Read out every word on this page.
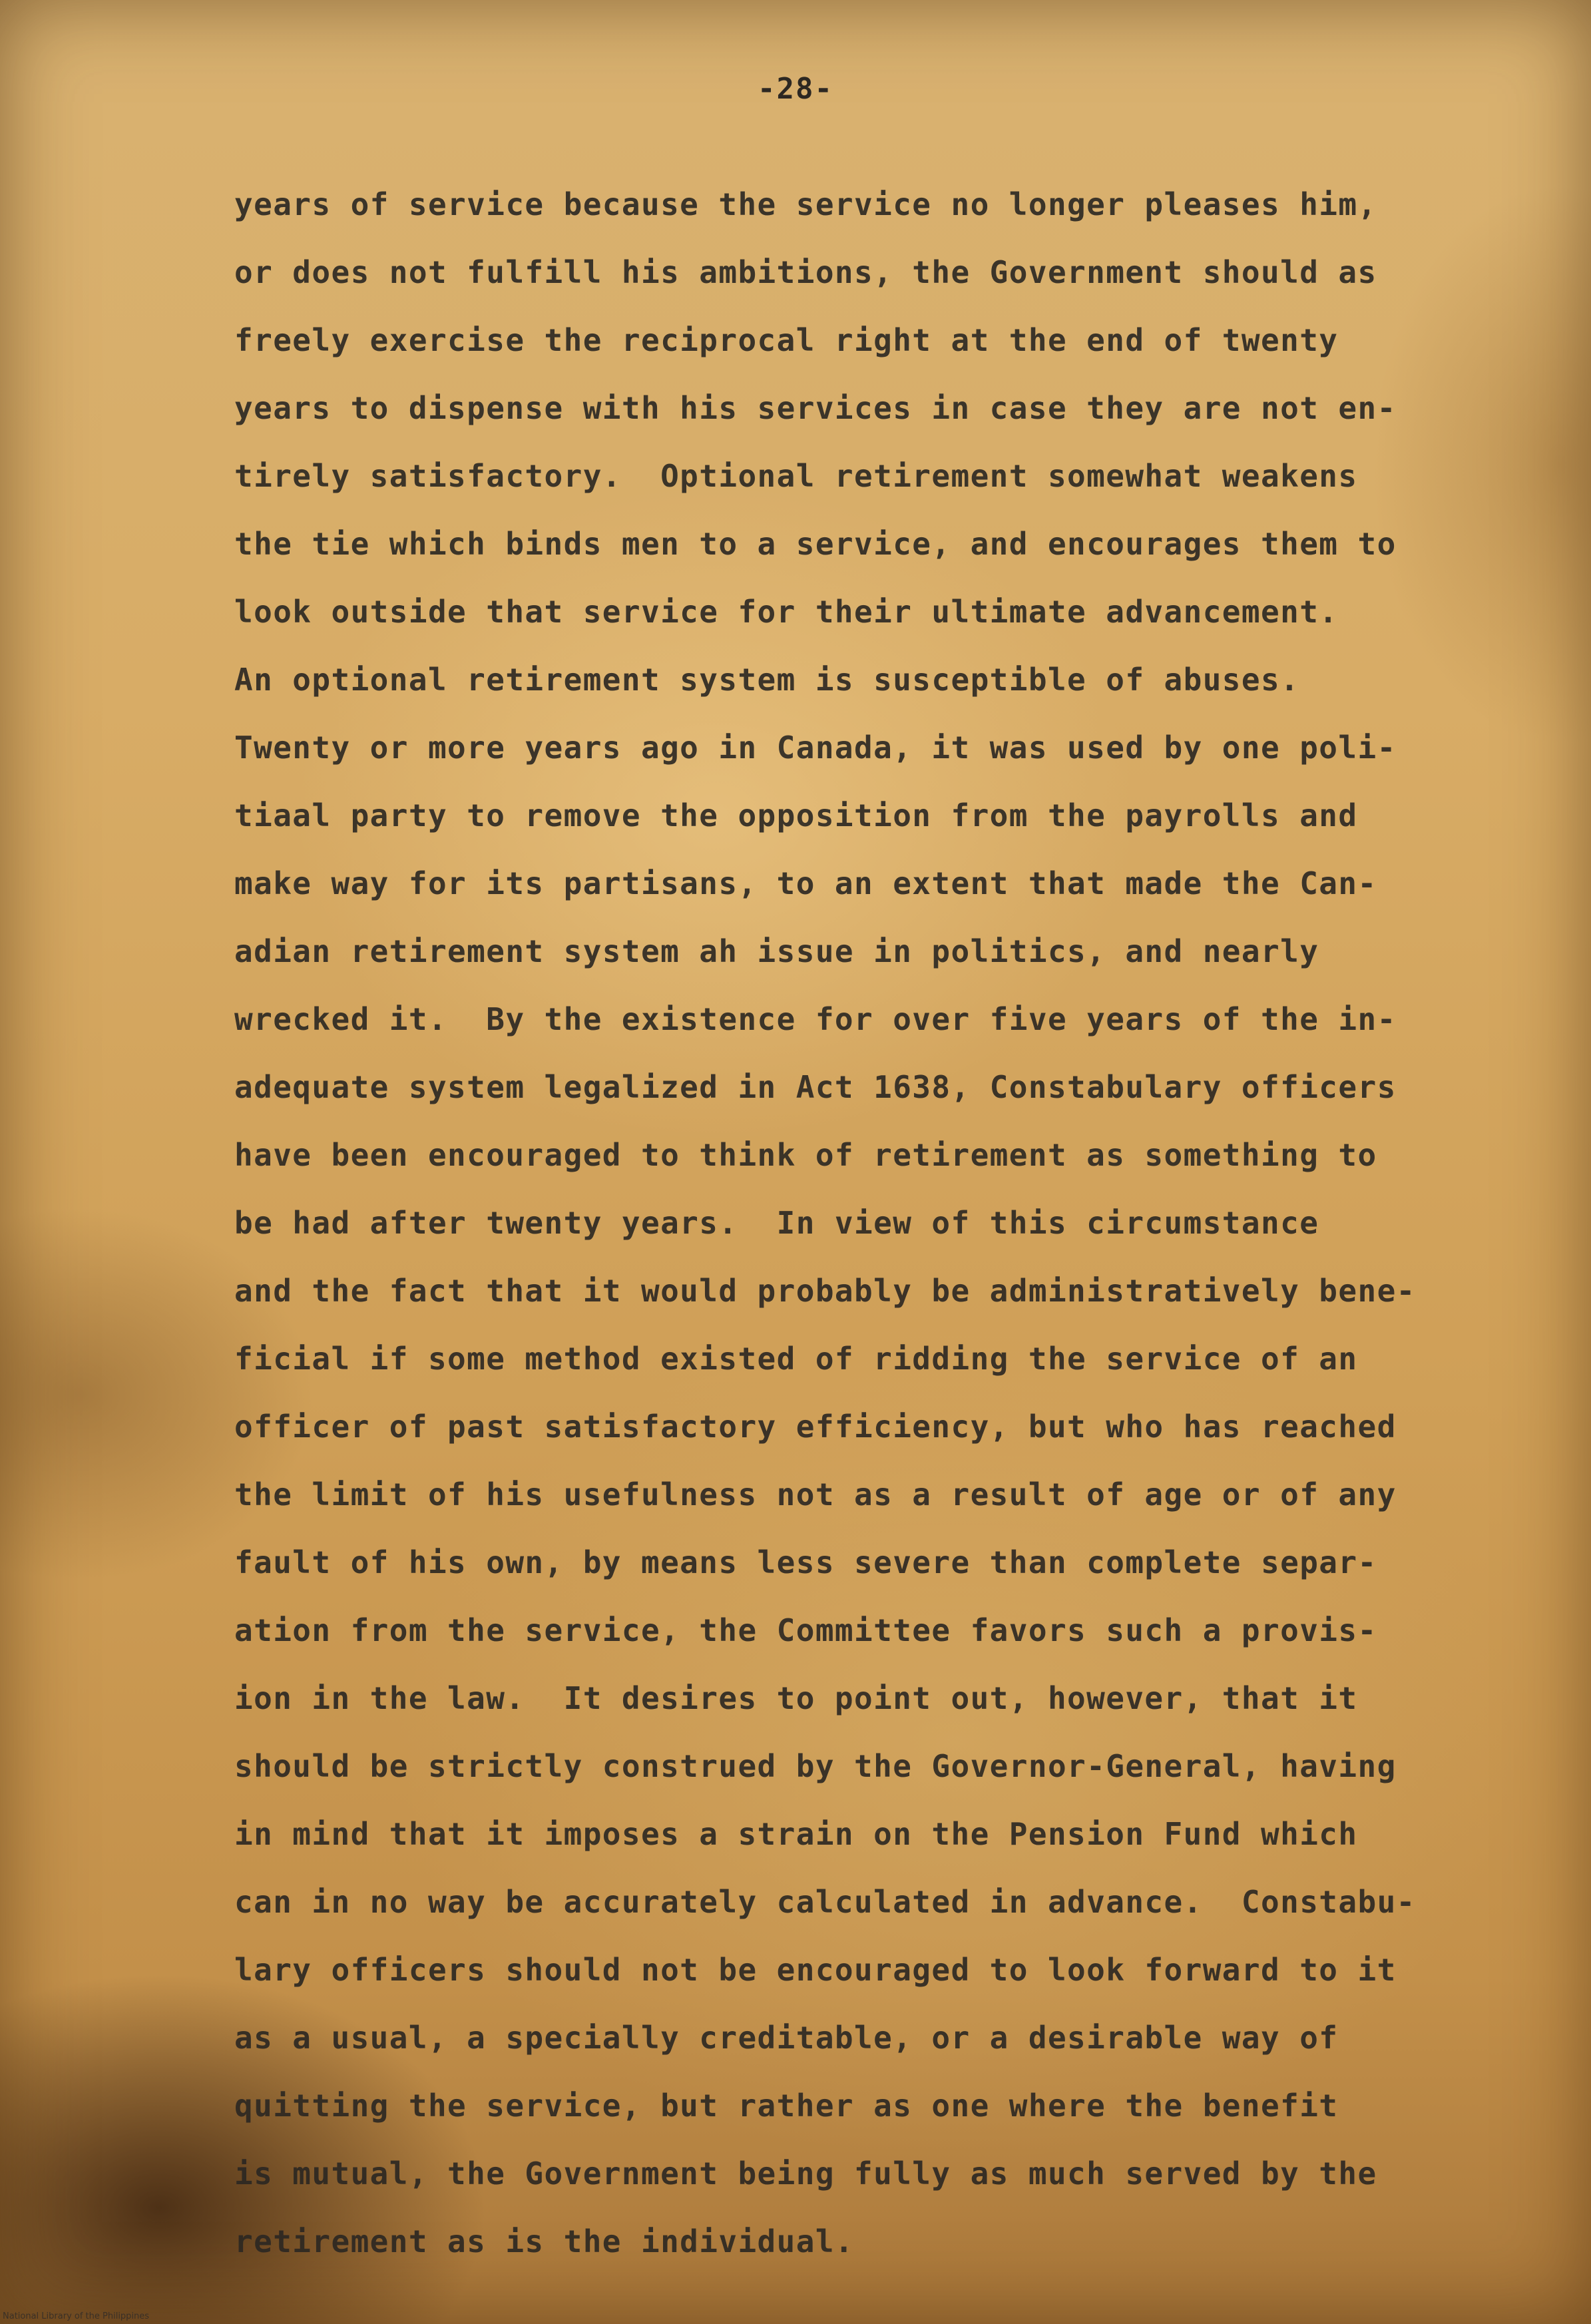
-28-
years of service because the service no longer pleases him,
or does not fulfill his ambitions, the Government should as
freely exercise the reciprocal right at the end of twenty
years to dispense with his services in case they are not en-
tirely satisfactory.  Optional retirement somewhat weakens
the tie which binds men to a service, and encourages them to
look outside that service for their ultimate advancement.
An optional retirement system is susceptible of abuses.
Twenty or more years ago in Canada, it was used by one poli-
tiaal party to remove the opposition from the payrolls and
make way for its partisans, to an extent that made the Can-
adian retirement system ah issue in politics, and nearly
wrecked it.  By the existence for over five years of the in-
adequate system legalized in Act 1638, Constabulary officers
have been encouraged to think of retirement as something to
be had after twenty years.  In view of this circumstance
and the fact that it would probably be administratively bene-
ficial if some method existed of ridding the service of an
officer of past satisfactory efficiency, but who has reached
the limit of his usefulness not as a result of age or of any
fault of his own, by means less severe than complete separ-
ation from the service, the Committee favors such a provis-
ion in the law.  It desires to point out, however, that it
should be strictly construed by the Governor-General, having
in mind that it imposes a strain on the Pension Fund which
can in no way be accurately calculated in advance.  Constabu-
lary officers should not be encouraged to look forward to it
as a usual, a specially creditable, or a desirable way of
quitting the service, but rather as one where the benefit
is mutual, the Government being fully as much served by the
retirement as is the individual.
National Library of the Philippines
